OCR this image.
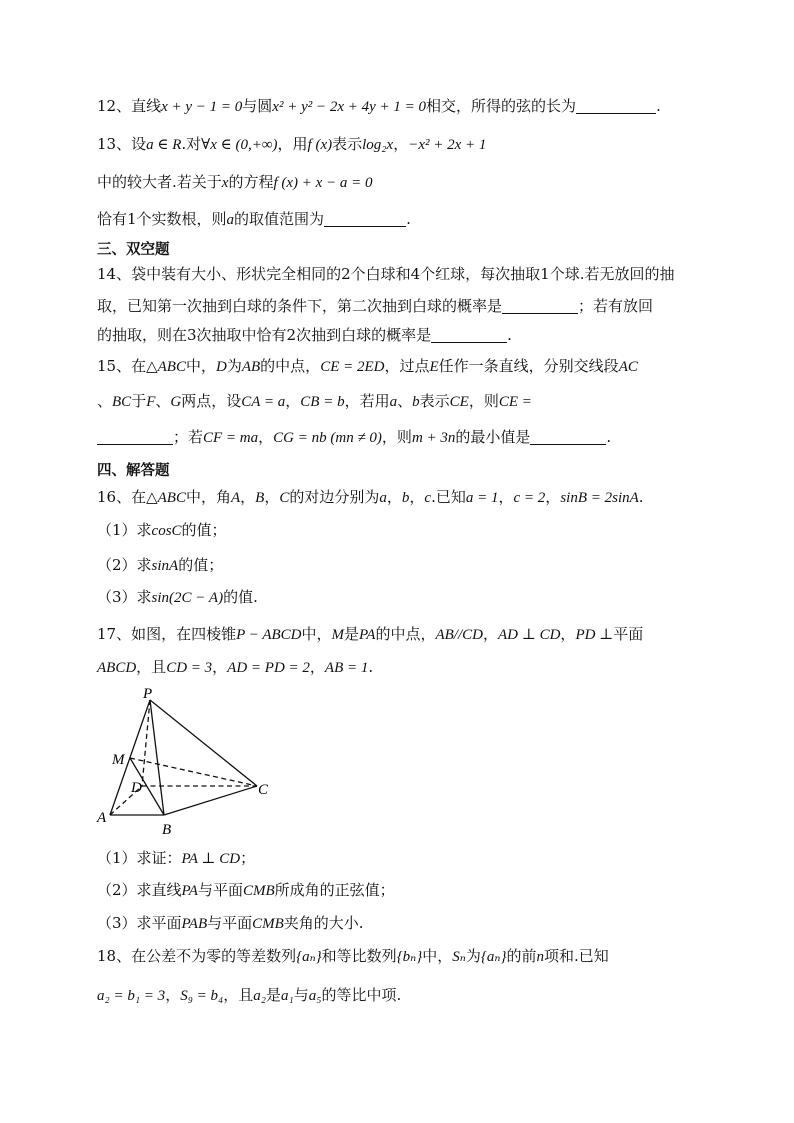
12、直线x + y − 1 = 0与圆x² + y² − 2x + 4y + 1 = 0相交，所得的弦的长为	.
13、设a ∈ R.对∀x ∈ (0,+∞)，用f (x)表示log₂x，−x² + 2x + 1
中的较大者.若关于x的方程f (x) + x − a = 0
恰有1个实数根，则a的取值范围为	.
三、双空题
14、袋中装有大小、形状完全相同的2个白球和4个红球，每次抽取1个球.若无放回的抽
取，已知第一次抽到白球的条件下，第二次抽到白球的概率是	；若有放回
的抽取，则在3次抽取中恰有2次抽到白球的概率是	.
15、在△ABC中，D为AB的中点，CE = 2ED，过点E任作一条直线，分别交线段AC
、BC于F、G两点，设CA = a，CB = b，若用a、b表示CE，则CE =
；若CF = ma，CG = nb (mn ≠ 0)，则m + 3n的最小值是	.
四、解答题
16、在△ABC中，角A，B，C的对边分别为a，b，c.已知a = 1，c = 2，sinB = 2sinA.
（1）求cosC的值；
（2）求sinA的值；
（3）求sin(2C − A)的值.
17、如图，在四棱锥P − ABCD中，M是PA的中点，AB//CD，AD ⊥ CD，PD ⊥平面
ABCD，且CD = 3，AD = PD = 2，AB = 1.
P
M
D	C
A
B
（1）求证：PA ⊥ CD；
（2）求直线PA与平面CMB所成角的正弦值；
（3）求平面PAB与平面CMB夹角的大小.
18、在公差不为零的等差数列{aₙ}和等比数列{bₙ}中，Sₙ为{aₙ}的前n项和.已知
a₂ = b₁ = 3，S₉ = b₄，且a₂是a₁与a₅的等比中项.
